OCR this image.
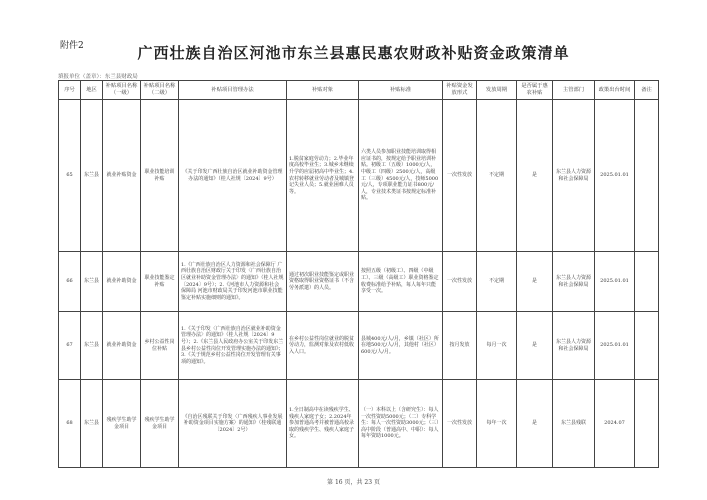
附件2	广西壮族自治区河池市东兰县惠民惠农财政补贴资金政策清单
填报单位（盖章）：东兰县财政局
序号	地区	补贴项目名称（一级）	补贴项目名称（二级）	补贴项目管理办法	补贴对象	补贴标准	补贴资金发放形式	发放周期	是否属于惠农补贴	主管部门	政策出台时间	备注
65	东兰县	就业补贴资金	职业技能培训补贴	《关于印发广西壮族自治区就业补助资金管理办法的通知》（桂人社规〔2024〕9号）	1.脱贫家庭劳动力；2.毕业年度高校毕业生；3.城乡未继续升学的应届初高中毕业生；4.农村转移就业劳动者及城镇登记失业人员；5.就业困难人员等。	六类人员参加职业技能培训取得相应证书的，按规定给予职业培训补贴。初级工（五级）1000元/人，中级工（四级）2500元/人，高级工（三级）4500元/人，技师5000元/人，专项职业能力证书800元/人，专业技术类证书按规定标准补贴。	一次性发放	不定期	是	东兰县人力资源和社会保障局	2025.01.01	
66	东兰县	就业补助资金	职业技能鉴定补贴	1.《广西壮族自治区人力资源和社会保障厅 广西壮族自治区财政厅关于印发〈广西壮族自治区就业补助资金管理办法〉的通知》（桂人社规〔2024〕9号）；2.《河池市人力资源和社会保障局 河池市财政局关于印发河池市职业技能鉴定补贴实施细则的通知》。	通过初次职业技能鉴定或职业资格取得职业资格证书（不含劳务派遣）的人员。	按照五级（初级工）、四级（中级工）、三级（高级工）职业资格鉴定收费标准给予补贴，每人每年只能享受一次。	一次性发放	不定期	是	东兰县人力资源和社会保障局	2025.01.01	
67	东兰县	就业补助资金	乡村公益性岗位补贴	1.《关于印发〈广西壮族自治区就业补助资金管理办法〉的通知》（桂人社规〔2024〕9号）；2.《东兰县人民政府办公室关于印发东兰县乡村公益性岗位开发管理实施办法的通知》；3.《关于规范乡村公益性岗位开发管理有关事项的通知》。	在乡村公益性岗位就业的脱贫劳动力，监测对象及农村低收入人口。	县城400元/人/月，乡镇（社区）所在地500元/人/月，其他村（社区）600元/人/月。	按月发放	每月一次	是	东兰县人力资源和社会保障局	2025.01.01	
68	东兰县	残疾学生助学金项目	残疾学生助学金项目	《自治区残联关于印发〈广西残疾人事业发展补助资金项目实施方案〉的通知》（桂残联通〔2024〕2号）	1.全日制高中在读残疾学生、残疾人家庭子女；2.2024年参加普通高考并被普通高校录取的残疾学生、残疾人家庭子女。	（一）本科以上（含研究生）：每人一次性资助5000元；（二）专科学生：每人一次性资助3000元；（三）高中阶段（普通高中、中职）：每人每年资助1000元。	一次性发放	每年一次	是	东兰县残联	2024.07	
第 16 页，共 23 页
